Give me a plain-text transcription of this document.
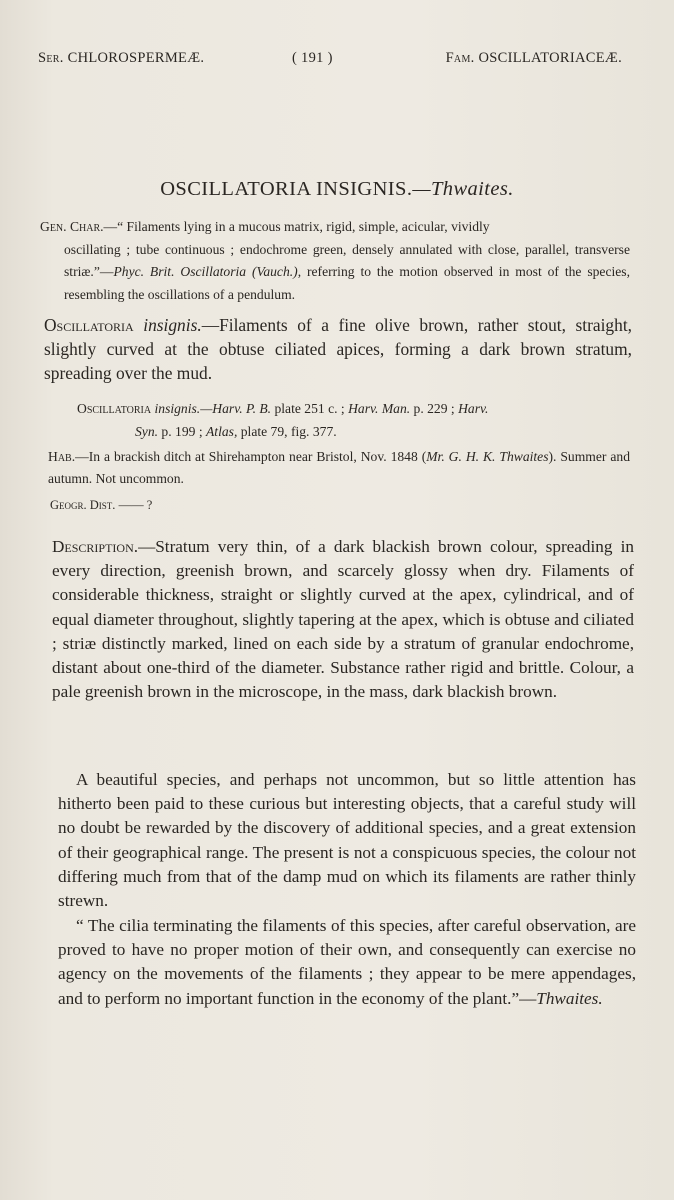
Ser. CHLOROSPERMEÆ.	( 191 )	Fam. OSCILLATORIACEÆ.
OSCILLATORIA INSIGNIS.—Thwaites.
Gen. Char.—“ Filaments lying in a mucous matrix, rigid, simple, acicular, vividly
oscillating ; tube continuous ; endochrome green, densely annulated with close, parallel, transverse striæ.”—Phyc. Brit. Oscillatoria (Vauch.), referring to the motion observed in most of the species, resembling the oscillations of a pendulum.
Oscillatoria insignis.—Filaments of a fine olive brown, rather stout, straight, slightly curved at the obtuse ciliated apices, forming a dark brown stratum, spreading over the mud.
Oscillatoria insignis.—Harv. P. B. plate 251 c. ; Harv. Man. p. 229 ; Harv.
Syn. p. 199 ; Atlas, plate 79, fig. 377.
Hab.—In a brackish ditch at Shirehampton near Bristol, Nov. 1848 (Mr. G. H. K. Thwaites). Summer and autumn. Not uncommon.
Geogr. Dist. —— ?
Description.—Stratum very thin, of a dark blackish brown colour, spreading in every direction, greenish brown, and scarcely glossy when dry. Filaments of considerable thickness, straight or slightly curved at the apex, cylindrical, and of equal diameter throughout, slightly tapering at the apex, which is obtuse and ciliated ; striæ distinctly marked, lined on each side by a stratum of granular endochrome, distant about one-third of the diameter. Substance rather rigid and brittle. Colour, a pale greenish brown in the microscope, in the mass, dark blackish brown.
A beautiful species, and perhaps not uncommon, but so little attention has hitherto been paid to these curious but interesting objects, that a careful study will no doubt be rewarded by the discovery of additional species, and a great extension of their geographical range. The present is not a conspicuous species, the colour not differing much from that of the damp mud on which its filaments are rather thinly strewn.
“ The cilia terminating the filaments of this species, after careful observation, are proved to have no proper motion of their own, and consequently can exercise no agency on the movements of the filaments ; they appear to be mere appendages, and to perform no important function in the economy of the plant.”—Thwaites.
